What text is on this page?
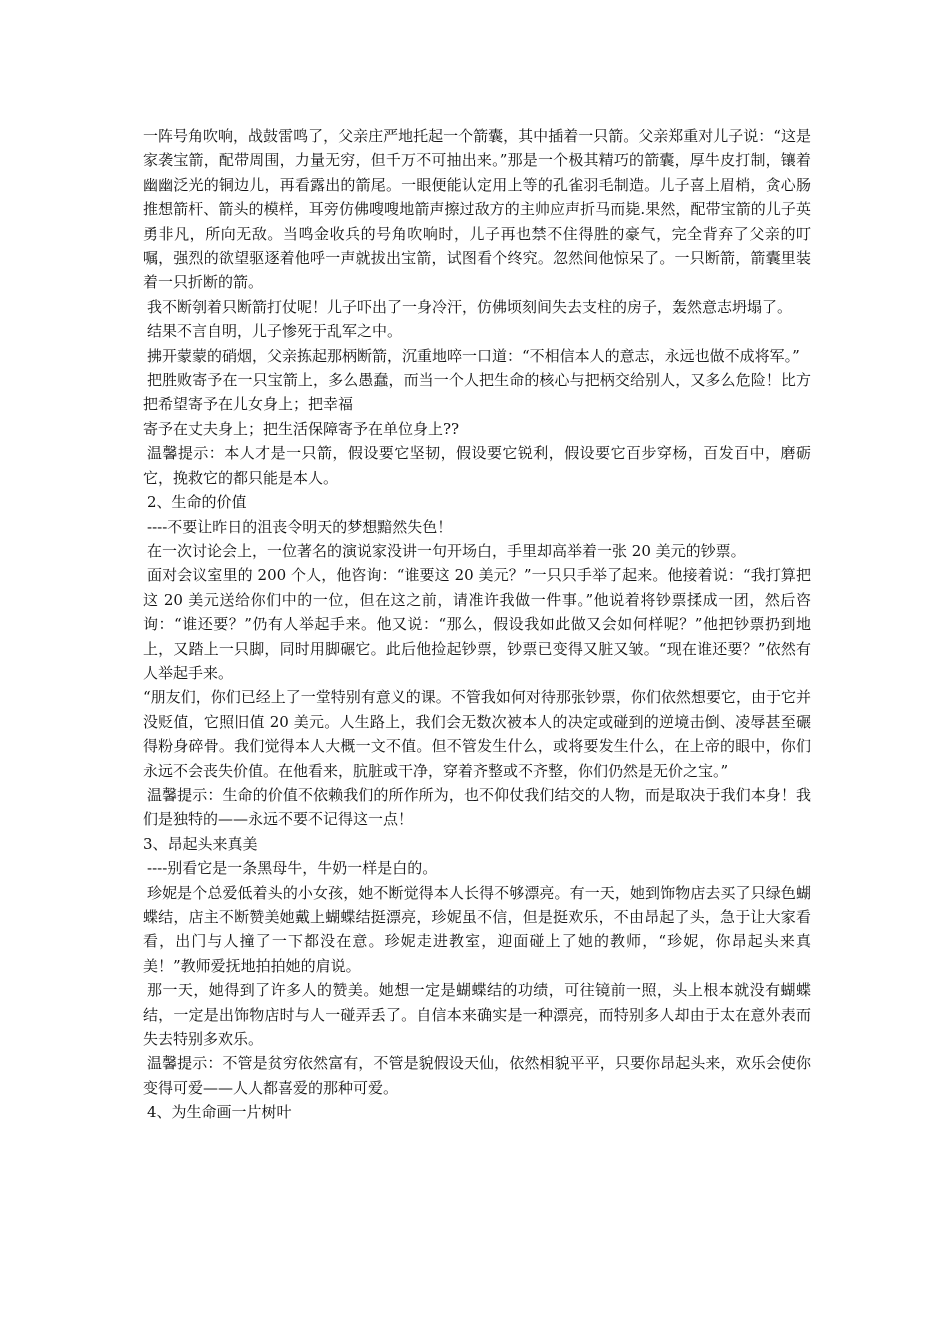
一阵号角吹响，战鼓雷鸣了，父亲庄严地托起一个箭囊，其中插着一只箭。父亲郑重对儿子说：“这是家袭宝箭，配带周围，力量无穷，但千万不可抽出来。”那是一个极其精巧的箭囊，厚牛皮打制，镶着幽幽泛光的铜边儿，再看露出的箭尾。一眼便能认定用上等的孔雀羽毛制造。儿子喜上眉梢，贪心肠推想箭杆、箭头的模样，耳旁仿佛嗖嗖地箭声擦过敌方的主帅应声折马而毙.果然，配带宝箭的儿子英勇非凡，所向无敌。当鸣金收兵的号角吹响时，儿子再也禁不住得胜的豪气，完全背弃了父亲的叮嘱，强烈的欲望驱逐着他呼一声就拔出宝箭，试图看个终究。忽然间他惊呆了。一只断箭，箭囊里装着一只折断的箭。

我不断刳着只断箭打仗呢！儿子吓出了一身冷汗，仿佛顷刻间失去支柱的房子，轰然意志坍塌了。

结果不言自明，儿子惨死于乱军之中。

拂开蒙蒙的硝烟，父亲拣起那柄断箭，沉重地啐一口道：“不相信本人的意志，永远也做不成将军。”

把胜败寄予在一只宝箭上，多么愚蠢，而当一个人把生命的核心与把柄交给别人，又多么危险！比方把希望寄予在儿女身上；把幸福

寄予在丈夫身上；把生活保障寄予在单位身上??

温馨提示：本人才是一只箭，假设要它坚韧，假设要它锐利，假设要它百步穿杨，百发百中，磨砺它，挽救它的都只能是本人。

2、生命的价值

----不要让昨日的沮丧令明天的梦想黯然失色！

在一次讨论会上，一位著名的演说家没讲一句开场白，手里却高举着一张 20 美元的钞票。

面对会议室里的 200 个人，他咨询：“谁要这 20 美元？”一只只手举了起来。他接着说：“我打算把这 20 美元送给你们中的一位，但在这之前，请准许我做一件事。”他说着将钞票揉成一团，然后咨询：“谁还要？”仍有人举起手来。他又说：“那么，假设我如此做又会如何样呢？”他把钞票扔到地上，又踏上一只脚，同时用脚碾它。此后他捡起钞票，钞票已变得又脏又皱。“现在谁还要？”依然有人举起手来。

“朋友们，你们已经上了一堂特别有意义的课。不管我如何对待那张钞票，你们依然想要它，由于它并没贬值，它照旧值 20 美元。人生路上，我们会无数次被本人的决定或碰到的逆境击倒、凌辱甚至碾得粉身碎骨。我们觉得本人大概一文不值。但不管发生什么，或将要发生什么，在上帝的眼中，你们永远不会丧失价值。在他看来，肮脏或干净，穿着齐整或不齐整，你们仍然是无价之宝。”

温馨提示：生命的价值不依赖我们的所作所为，也不仰仗我们结交的人物，而是取决于我们本身！我们是独特的——永远不要不记得这一点！

3、昂起头来真美

----别看它是一条黑母牛，牛奶一样是白的。

珍妮是个总爱低着头的小女孩，她不断觉得本人长得不够漂亮。有一天，她到饰物店去买了只绿色蝴蝶结，店主不断赞美她戴上蝴蝶结挺漂亮，珍妮虽不信，但是挺欢乐，不由昂起了头，急于让大家看看，出门与人撞了一下都没在意。珍妮走进教室，迎面碰上了她的教师，“珍妮，你昂起头来真美！”教师爱抚地拍拍她的肩说。

那一天，她得到了许多人的赞美。她想一定是蝴蝶结的功绩，可往镜前一照，头上根本就没有蝴蝶结，一定是出饰物店时与人一碰弄丢了。自信本来确实是一种漂亮，而特别多人却由于太在意外表而失去特别多欢乐。

温馨提示：不管是贫穷依然富有，不管是貌假设天仙，依然相貌平平，只要你昂起头来，欢乐会使你变得可爱——人人都喜爱的那种可爱。

4、为生命画一片树叶
